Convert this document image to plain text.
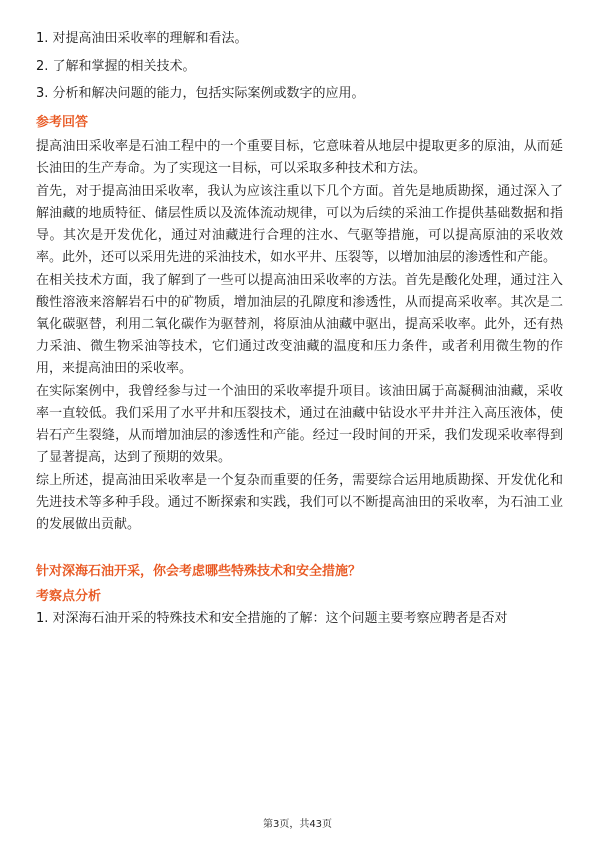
1. 对提高油田采收率的理解和看法。
2. 了解和掌握的相关技术。
3. 分析和解决问题的能力，包括实际案例或数字的应用。
参考回答

提高油田采收率是石油工程中的一个重要目标，它意味着从地层中提取更多的原油，从而延长油田的生产寿命。为了实现这一目标，可以采取多种技术和方法。

首先，对于提高油田采收率，我认为应该注重以下几个方面。首先是地质勘探，通过深入了解油藏的地质特征、储层性质以及流体流动规律，可以为后续的采油工作提供基础数据和指导。其次是开发优化，通过对油藏进行合理的注水、气驱等措施，可以提高原油的采收效率。此外，还可以采用先进的采油技术，如水平井、压裂等，以增加油层的渗透性和产能。

在相关技术方面，我了解到了一些可以提高油田采收率的方法。首先是酸化处理，通过注入酸性溶液来溶解岩石中的矿物质，增加油层的孔隙度和渗透性，从而提高采收率。其次是二氧化碳驱替，利用二氧化碳作为驱替剂，将原油从油藏中驱出，提高采收率。此外，还有热力采油、微生物采油等技术，它们通过改变油藏的温度和压力条件，或者利用微生物的作用，来提高油田的采收率。

在实际案例中，我曾经参与过一个油田的采收率提升项目。该油田属于高凝稠油油藏，采收率一直较低。我们采用了水平井和压裂技术，通过在油藏中钻设水平井并注入高压液体，使岩石产生裂缝，从而增加油层的渗透性和产能。经过一段时间的开采，我们发现采收率得到了显著提高，达到了预期的效果。

综上所述，提高油田采收率是一个复杂而重要的任务，需要综合运用地质勘探、开发优化和先进技术等多种手段。通过不断探索和实践，我们可以不断提高油田的采收率，为石油工业的发展做出贡献。

针对深海石油开采，你会考虑哪些特殊技术和安全措施？
考察点分析
1. 对深海石油开采的特殊技术和安全措施的了解：这个问题主要考察应聘者是否对
第3页，共43页
